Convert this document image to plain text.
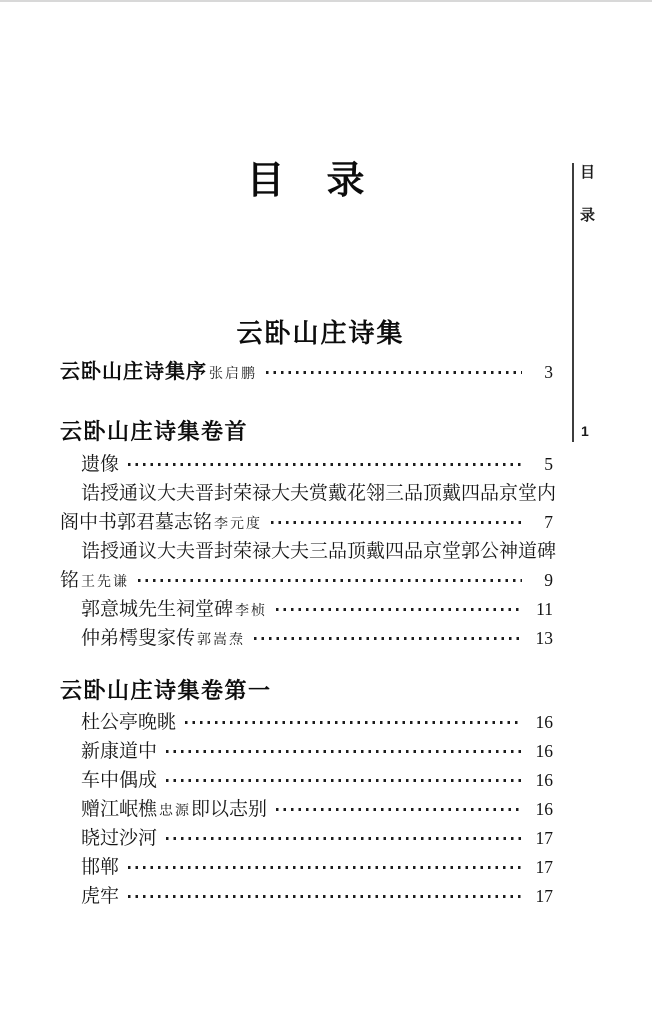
目　录
云卧山庄诗集
云卧山庄诗集序 张启鹏	3
云卧山庄诗集卷首
遗像	5
诰授通议大夫晋封荣禄大夫赏戴花翎三品顶戴四品京堂内
阁中书郭君墓志铭 李元度	7
诰授通议大夫晋封荣禄大夫三品顶戴四品京堂郭公神道碑
铭 王先谦	9
郭意城先生祠堂碑 李桢	11
仲弟樗叟家传 郭嵩焘	13
云卧山庄诗集卷第一
杜公亭晚眺	16
新康道中	16
车中偶成	16
赠江岷樵 忠源 即以志别	16
晓过沙河	17
邯郸	17
虎牢	17
目
录
1
